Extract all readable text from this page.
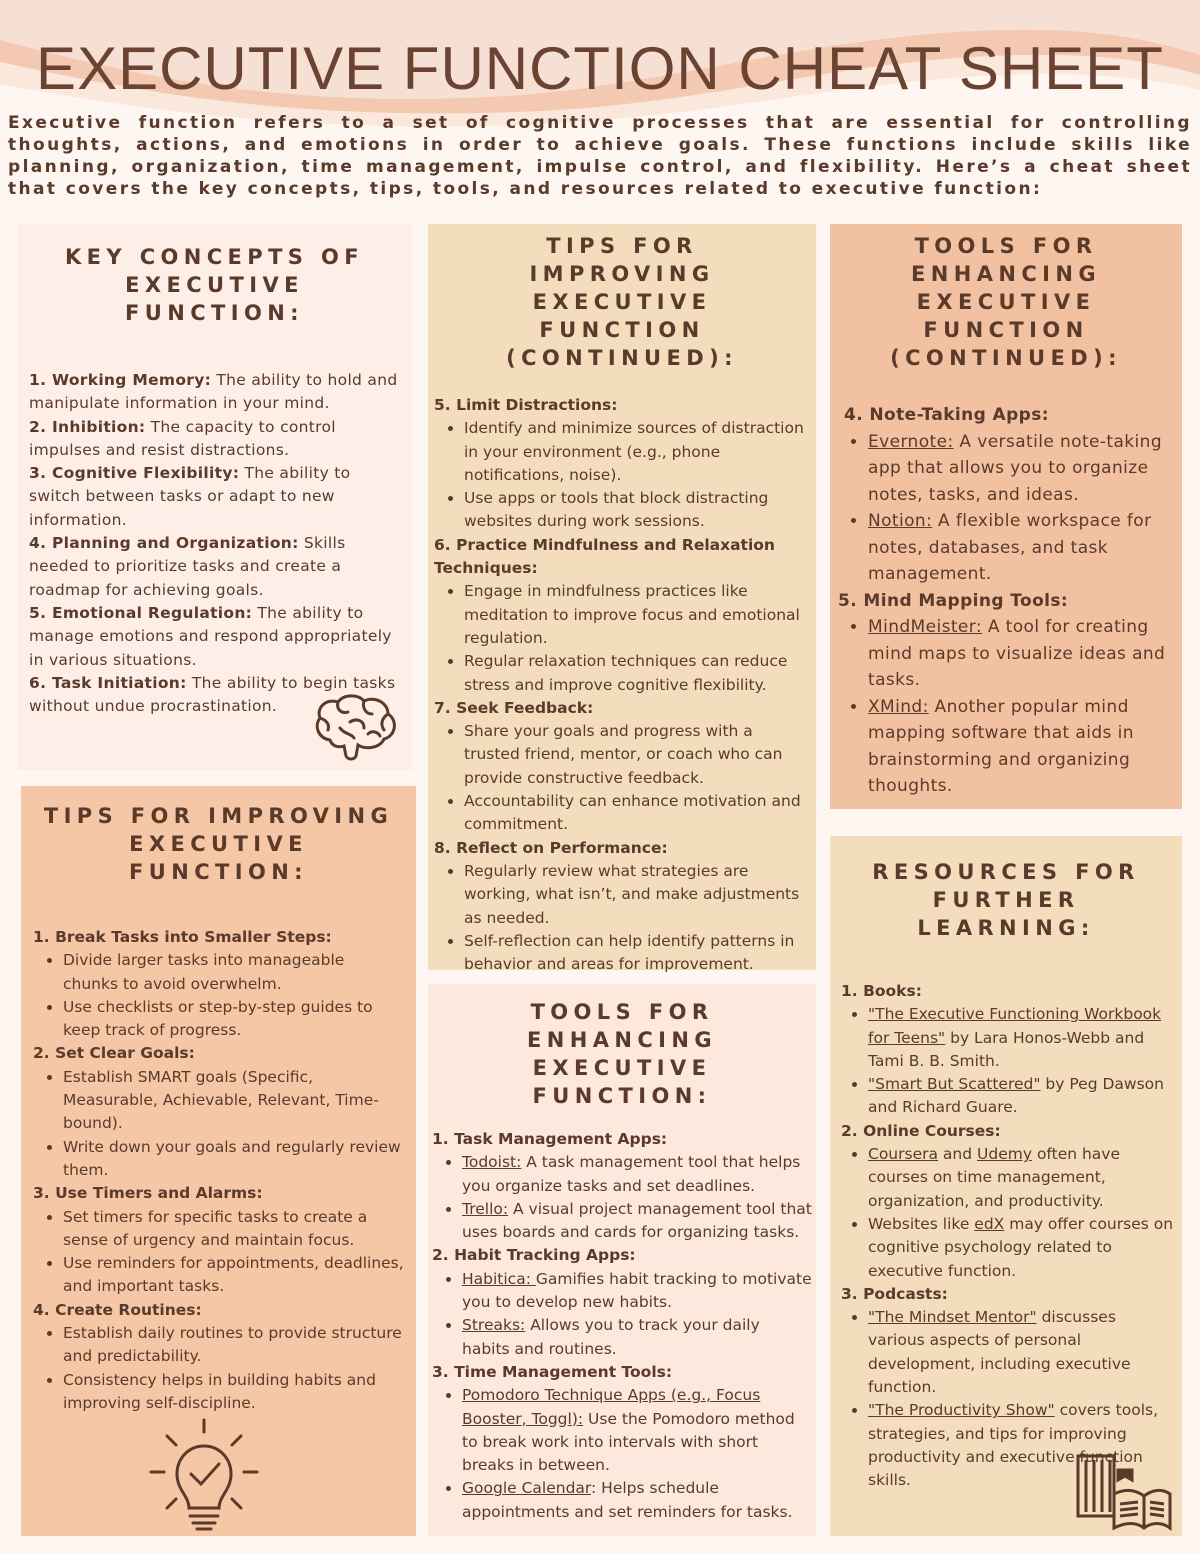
EXECUTIVE FUNCTION CHEAT SHEET
Executive function refers to a set of cognitive processes that are essential for controlling thoughts, actions, and emotions in order to achieve goals. These functions include skills like planning, organization, time management, impulse control, and flexibility. Here’s a cheat sheet that covers the key concepts, tips, tools, and resources related to executive function:
KEY CONCEPTS OF EXECUTIVE FUNCTION:

1. Working Memory: The ability to hold and manipulate information in your mind.

2. Inhibition: The capacity to control impulses and resist distractions.

3. Cognitive Flexibility: The ability to switch between tasks or adapt to new information.

4. Planning and Organization: Skills needed to prioritize tasks and create a roadmap for achieving goals.

5. Emotional Regulation: The ability to manage emotions and respond appropriately in various situations.

6. Task Initiation: The ability to begin tasks without undue procrastination.

TIPS FOR IMPROVING EXECUTIVE FUNCTION:

1. Break Tasks into Smaller Steps:

• Divide larger tasks into manageable chunks to avoid overwhelm.
• Use checklists or step-by-step guides to keep track of progress.

2. Set Clear Goals:

• Establish SMART goals (Specific, Measurable, Achievable, Relevant, Time-bound).
• Write down your goals and regularly review them.

3. Use Timers and Alarms:

• Set timers for specific tasks to create a sense of urgency and maintain focus.
• Use reminders for appointments, deadlines, and important tasks.

4. Create Routines:

• Establish daily routines to provide structure and predictability.
• Consistency helps in building habits and improving self-discipline.
TIPS FOR IMPROVING EXECUTIVE FUNCTION (CONTINUED):

5. Limit Distractions:

• Identify and minimize sources of distraction in your environment (e.g., phone notifications, noise).
• Use apps or tools that block distracting websites during work sessions.

6. Practice Mindfulness and Relaxation Techniques:

• Engage in mindfulness practices like meditation to improve focus and emotional regulation.
• Regular relaxation techniques can reduce stress and improve cognitive flexibility.

7. Seek Feedback:

• Share your goals and progress with a trusted friend, mentor, or coach who can provide constructive feedback.
• Accountability can enhance motivation and commitment.

8. Reflect on Performance:

• Regularly review what strategies are working, what isn’t, and make adjustments as needed.
• Self-reflection can help identify patterns in behavior and areas for improvement.
TOOLS FOR ENHANCING EXECUTIVE FUNCTION:

1. Task Management Apps:

• Todoist: A task management tool that helps you organize tasks and set deadlines.
• Trello: A visual project management tool that uses boards and cards for organizing tasks.

2. Habit Tracking Apps:

• Habitica: Gamifies habit tracking to motivate you to develop new habits.
• Streaks: Allows you to track your daily habits and routines.

3. Time Management Tools:

• Pomodoro Technique Apps (e.g., Focus Booster, Toggl): Use the Pomodoro method to break work into intervals with short breaks in between.
• Google Calendar: Helps schedule appointments and set reminders for tasks.
TOOLS FOR ENHANCING EXECUTIVE FUNCTION (CONTINUED):

4. Note-Taking Apps:

• Evernote: A versatile note-taking app that allows you to organize notes, tasks, and ideas.
• Notion: A flexible workspace for notes, databases, and task management.

5. Mind Mapping Tools:

• MindMeister: A tool for creating mind maps to visualize ideas and tasks.
• XMind: Another popular mind mapping software that aids in brainstorming and organizing thoughts.
RESOURCES FOR FURTHER LEARNING:

1. Books:

• "The Executive Functioning Workbook for Teens" by Lara Honos-Webb and Tami B. B. Smith.
• "Smart But Scattered" by Peg Dawson and Richard Guare.

2. Online Courses:

• Coursera and Udemy often have courses on time management, organization, and productivity.
• Websites like edX may offer courses on cognitive psychology related to executive function.

3. Podcasts:

• "The Mindset Mentor" discusses various aspects of personal development, including executive function.
• "The Productivity Show" covers tools, strategies, and tips for improving productivity and executive function skills.
